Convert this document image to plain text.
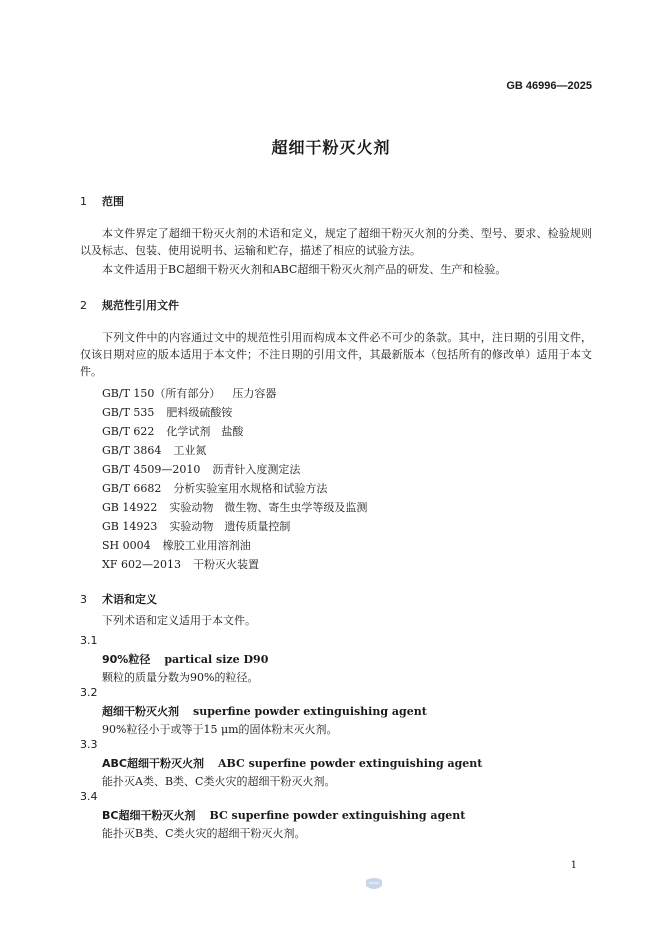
GB 46996—2025
超细干粉灭火剂
1 范围
本文件界定了超细干粉灭火剂的术语和定义，规定了超细干粉灭火剂的分类、型号、要求、检验规则以及标志、包装、使用说明书、运输和贮存，描述了相应的试验方法。
本文件适用于BC超细干粉灭火剂和ABC超细干粉灭火剂产品的研发、生产和检验。
2 规范性引用文件
下列文件中的内容通过文中的规范性引用而构成本文件必不可少的条款。其中，注日期的引用文件，仅该日期对应的版本适用于本文件；不注日期的引用文件，其最新版本（包括所有的修改单）适用于本文件。
GB/T 150（所有部分） 压力容器
GB/T 535 肥料级硫酸铵
GB/T 622 化学试剂　盐酸
GB/T 3864 工业氮
GB/T 4509—2010 沥青针入度测定法
GB/T 6682 分析实验室用水规格和试验方法
GB 14922 实验动物　微生物、寄生虫学等级及监测
GB 14923 实验动物　遗传质量控制
SH 0004 橡胶工业用溶剂油
XF 602—2013 干粉灭火装置
3 术语和定义
下列术语和定义适用于本文件。
3.1
90%粒径 partical size D90
颗粒的质量分数为90%的粒径。
3.2
超细干粉灭火剂 superfine powder extinguishing agent
90%粒径小于或等于15 μm的固体粉末灭火剂。
3.3
ABC超细干粉灭火剂 ABC superfine powder extinguishing agent
能扑灭A类、B类、C类火灾的超细干粉灭火剂。
3.4
BC超细干粉灭火剂 BC superfine powder extinguishing agent
能扑灭B类、C类火灾的超细干粉灭火剂。
1
